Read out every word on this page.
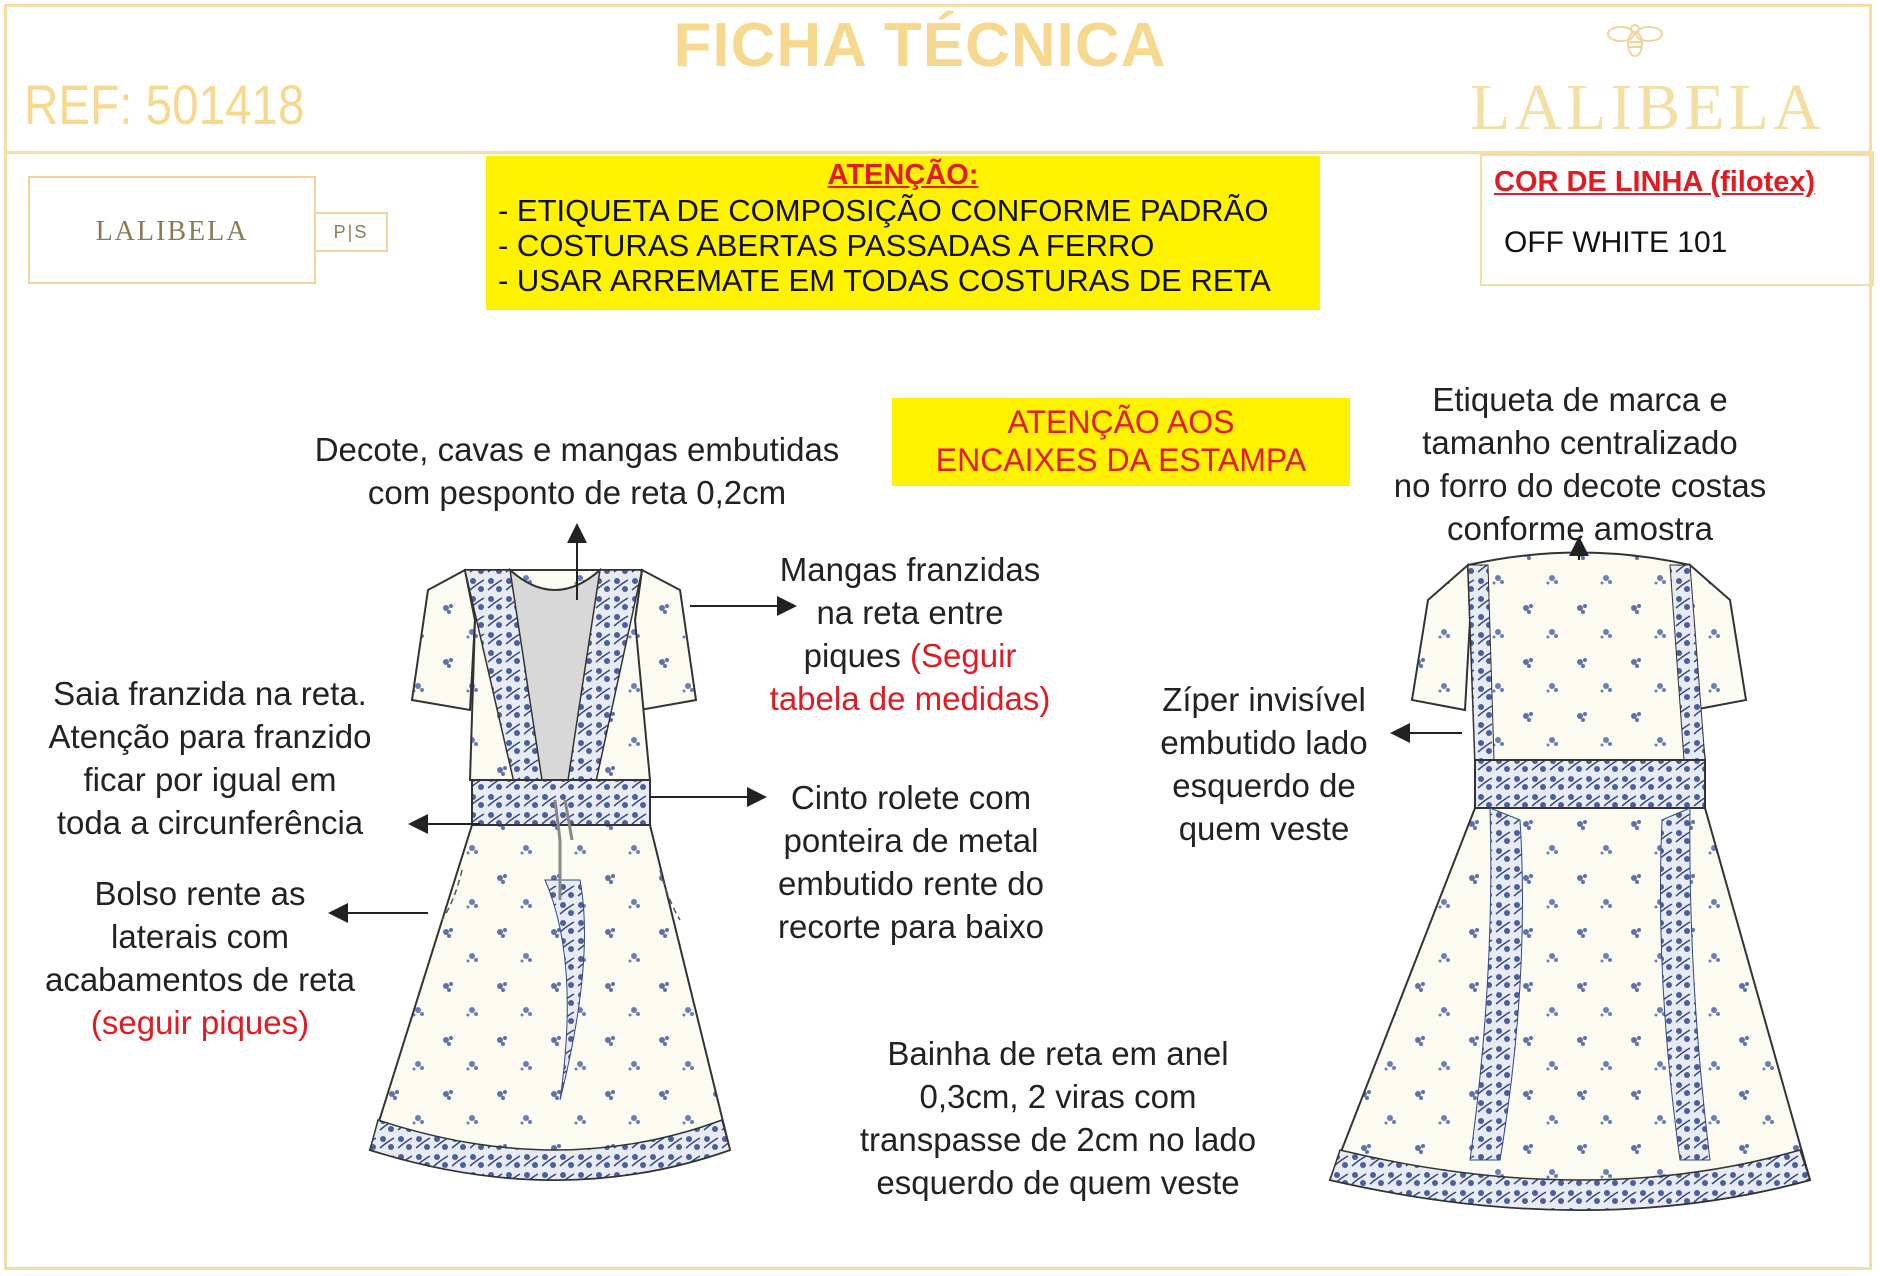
FICHA TÉCNICA
REF: 501418	LALIBELA
LALIBELA	P|S
ATENÇÃO:
- ETIQUETA DE COMPOSIÇÃO CONFORME PADRÃO
- COSTURAS ABERTAS PASSADAS A FERRO
- USAR ARREMATE EM TODAS COSTURAS DE RETA
COR DE LINHA (filotex)
OFF WHITE 101
ATENÇÃO AOS
ENCAIXES DA ESTAMPA
Decote, cavas e mangas embutidas
com pesponto de reta 0,2cm
Mangas franzidas
na reta entre
piques (Seguir
tabela de medidas)
Saia franzida na reta.
Atenção para franzido
ficar por igual em
toda a circunferência
Cinto rolete com
ponteira de metal
embutido rente do
recorte para baixo
Bolso rente as
laterais com
acabamentos de reta
(seguir piques)
Bainha de reta em anel
0,3cm, 2 viras com
transpasse de 2cm no lado
esquerdo de quem veste
Etiqueta de marca e
tamanho centralizado
no forro do decote costas
conforme amostra
Zíper invisível
embutido lado
esquerdo de
quem veste
